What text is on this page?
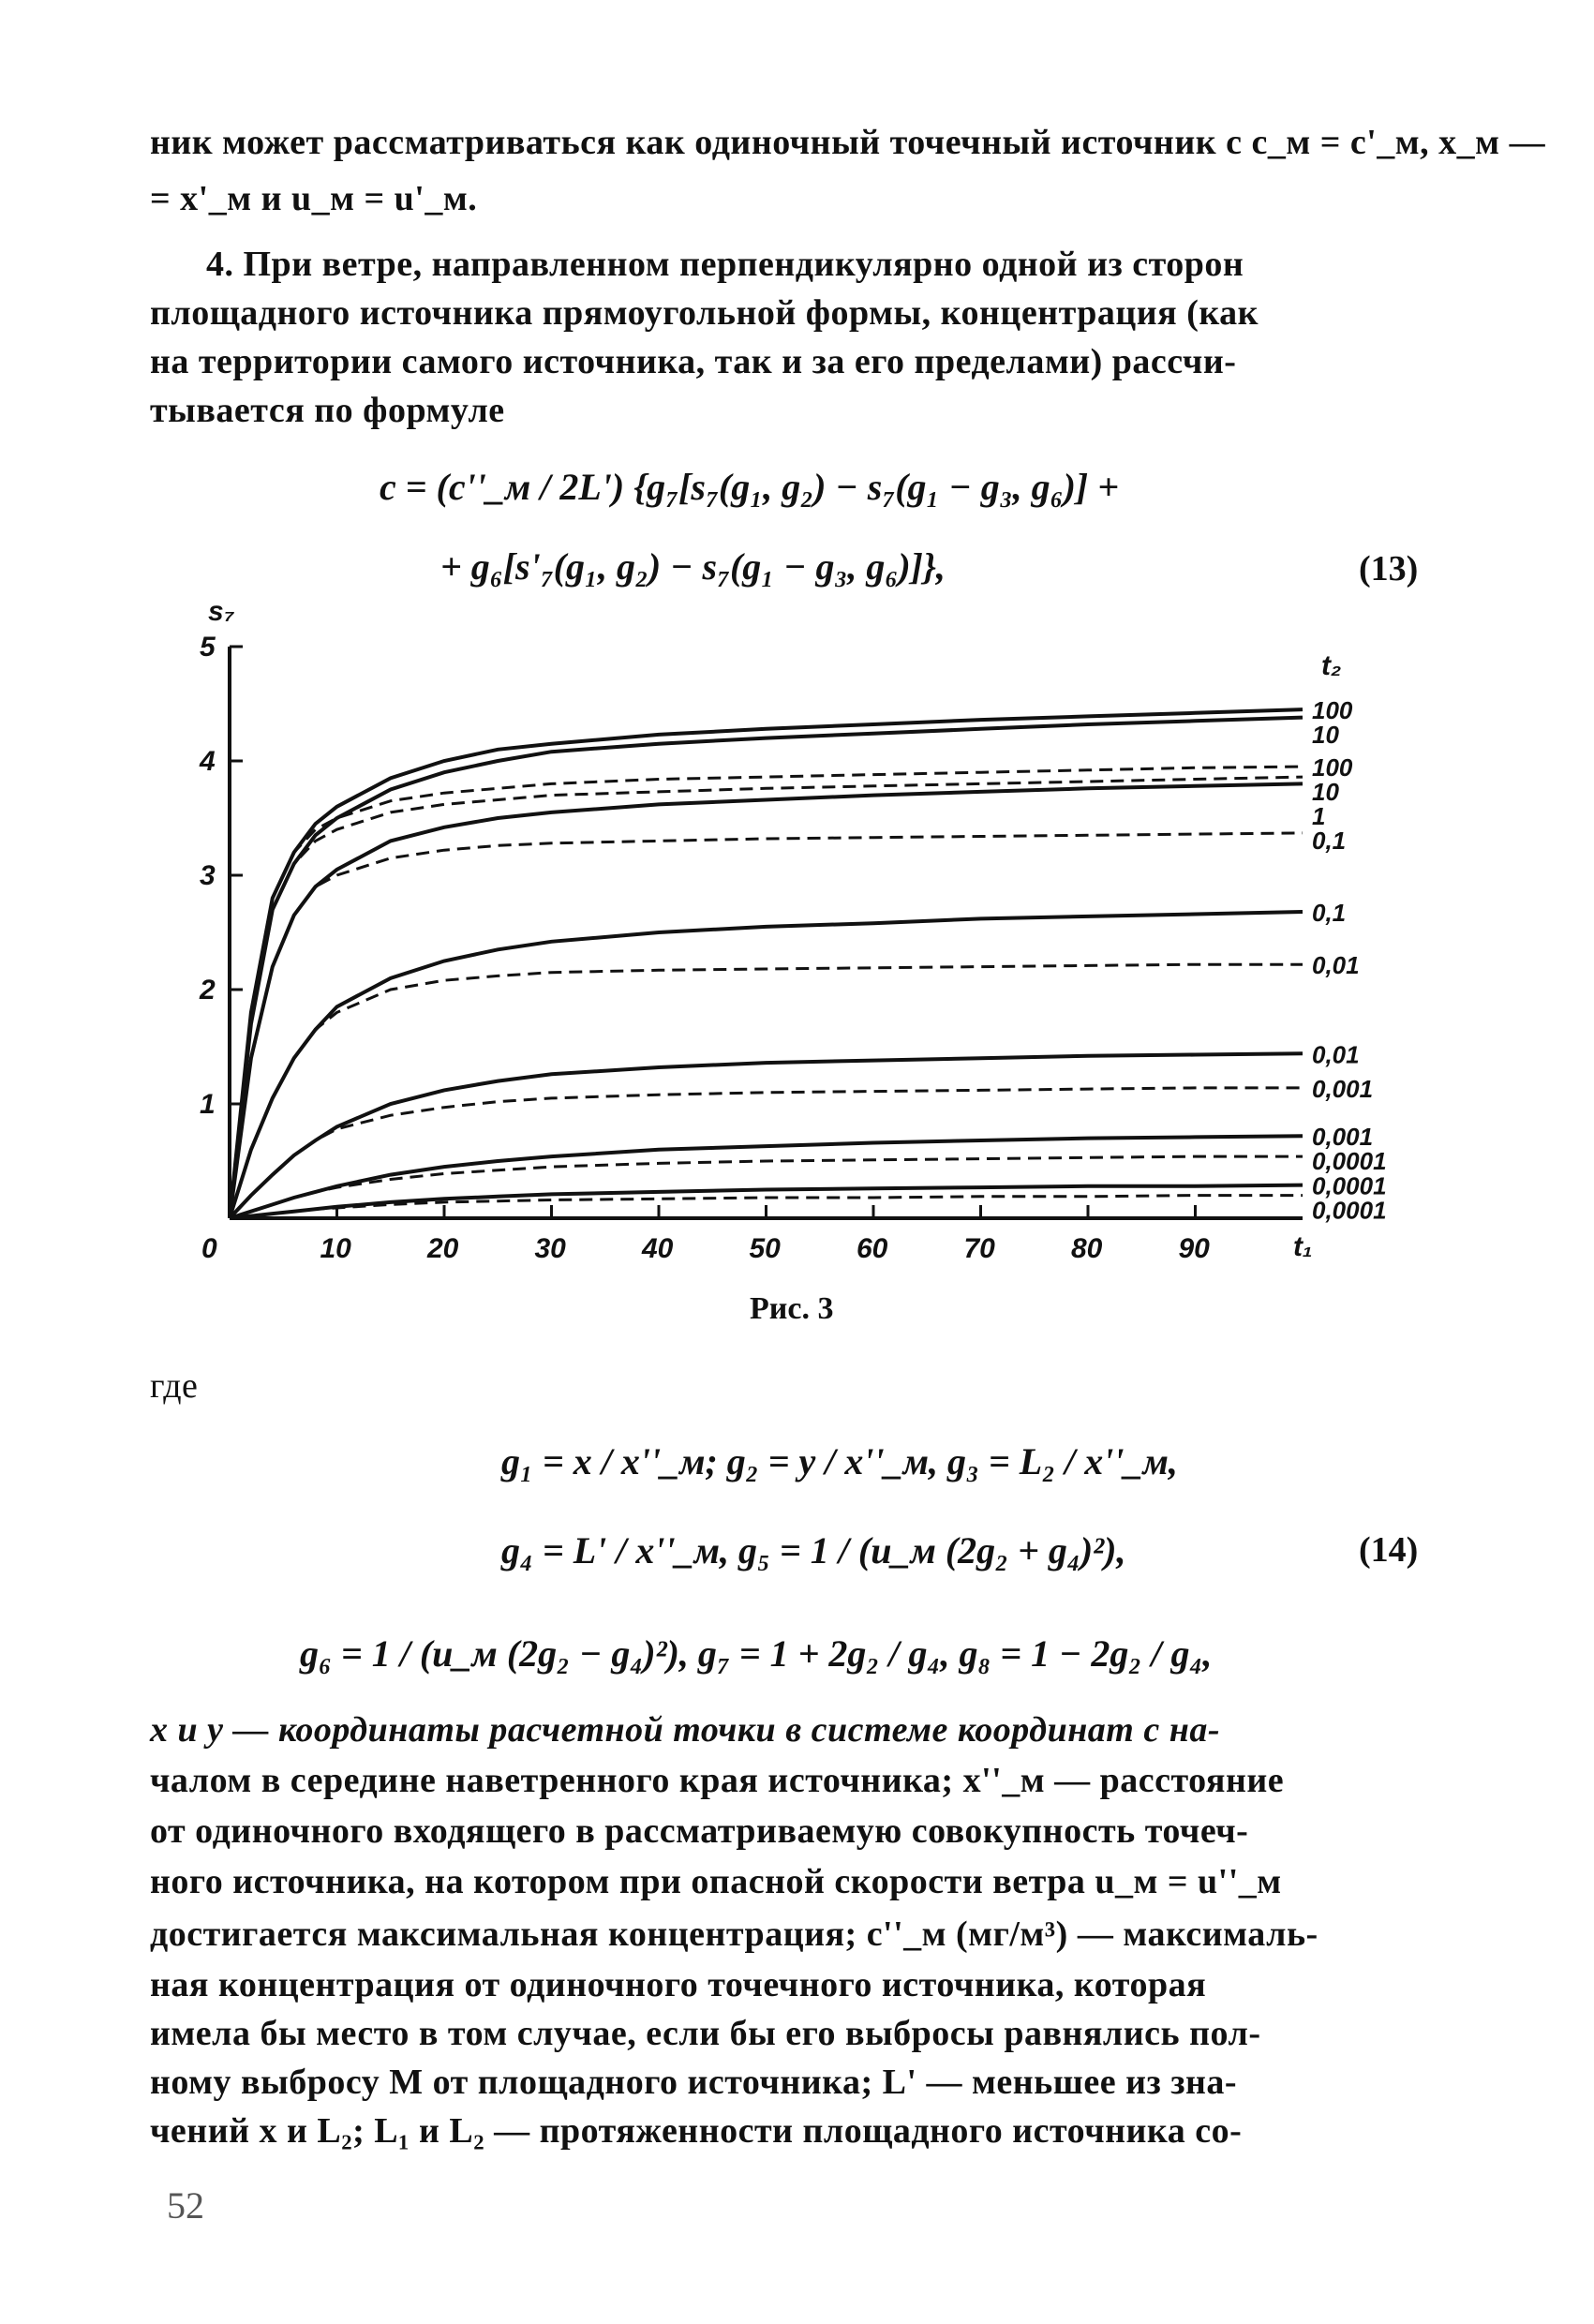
ник может рассматриваться как одиночный точечный источник с c_м = c'_м, x_м —
= x'_м и u_м = u'_м.
4. При ветре, направленном перпендикулярно одной из сторон
площадного источника прямоугольной формы, концентрация (как
на территории самого источника, так и за его пределами) рассчи-
тывается по формуле
c = (c''_м / 2L') {g₇[s₇(g₁, g₂) − s₇(g₁ − g₃, g₆)] +
+ g₆[s'₇(g₁, g₂) − s₇(g₁ − g₃, g₆)]},	(13)
0	10	20	30	40	50	60	70	80	90
1
2
3
4
5
100
10
100
10
1
0,1
0,1
0,01
0,01
0,001
0,001
0,0001
0,0001
0,0001
s₇
t₁
t₂
Рис. 3
где
g₁ = x / x''_м; g₂ = y / x''_м, g₃ = L₂ / x''_м,
g₄ = L' / x''_м, g₅ = 1 / (u_м (2g₂ + g₄)²),	(14)
g₆ = 1 / (u_м (2g₂ − g₄)²), g₇ = 1 + 2g₂ / g₄, g₈ = 1 − 2g₂ / g₄,
x и y — координаты расчетной точки в системе координат с на-
чалом в середине наветренного края источника; x''_м — расстояние
от одиночного входящего в рассматриваемую совокупность точеч-
ного источника, на котором при опасной скорости ветра u_м = u''_м
достигается максимальная концентрация; c''_м (мг/м³) — максималь-
ная концентрация от одиночного точечного источника, которая
имела бы место в том случае, если бы его выбросы равнялись пол-
ному выбросу M от площадного источника; L' — меньшее из зна-
чений x и L₂; L₁ и L₂ — протяженности площадного источника со-
52
